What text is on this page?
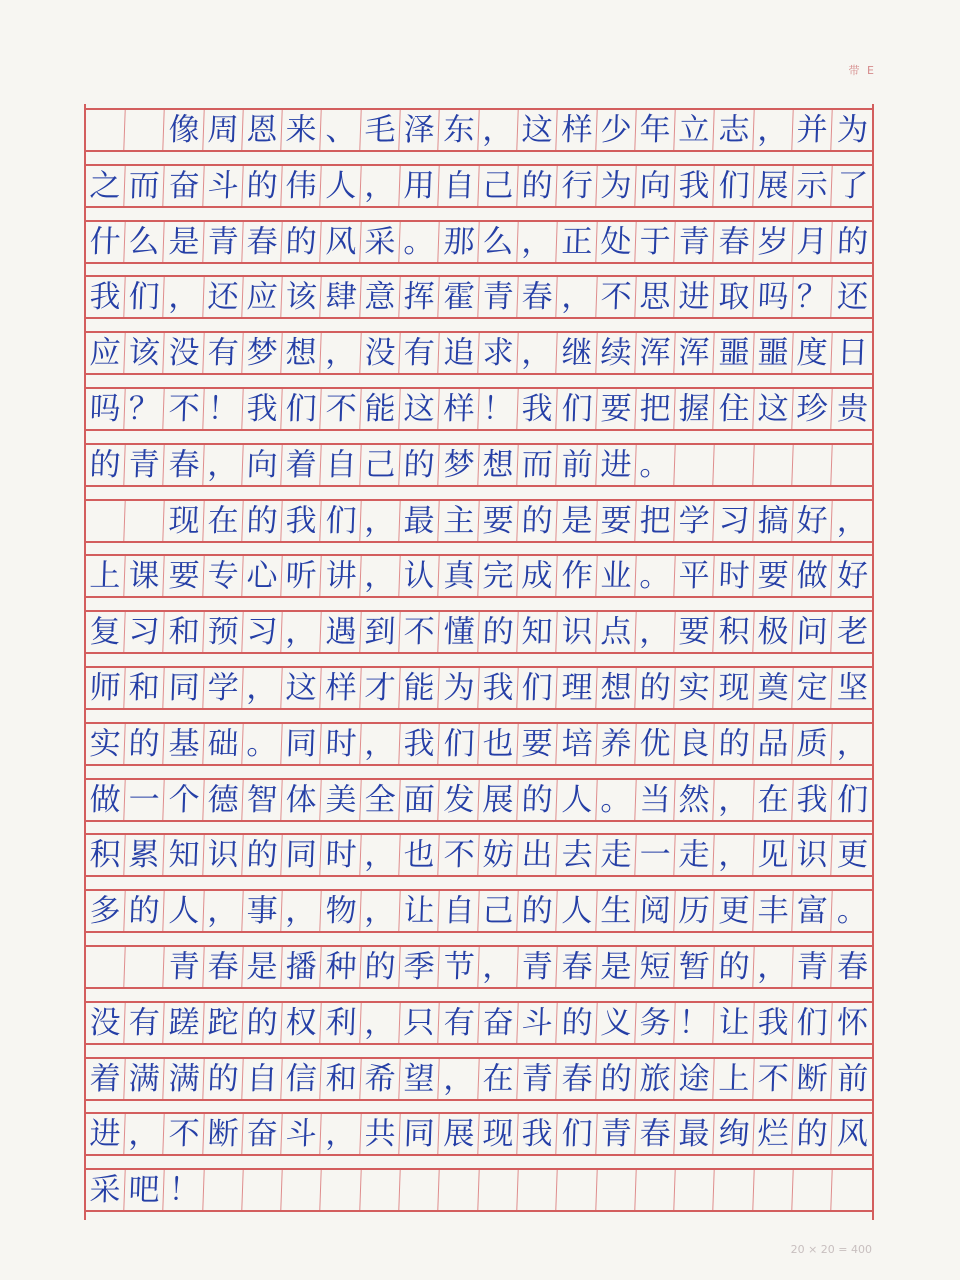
带 E
像 周 恩 来 、 毛 泽 东 ， 这 样 少 年 立 志 ， 并 为
之 而 奋 斗 的 伟 人 ， 用 自 己 的 行 为 向 我 们 展 示 了
什 么 是 青 春 的 风 采 。 那 么 ， 正 处 于 青 春 岁 月 的
我 们 ， 还 应 该 肆 意 挥 霍 青 春 ， 不 思 进 取 吗 ？ 还
应 该 没 有 梦 想 ， 没 有 追 求 ， 继 续 浑 浑 噩 噩 度 日
吗 ？ 不 ！ 我 们 不 能 这 样 ！ 我 们 要 把 握 住 这 珍 贵
的 青 春 ， 向 着 自 己 的 梦 想 而 前 进 。
现 在 的 我 们 ， 最 主 要 的 是 要 把 学 习 搞 好 ，
上 课 要 专 心 听 讲 ， 认 真 完 成 作 业 。 平 时 要 做 好
复 习 和 预 习 ， 遇 到 不 懂 的 知 识 点 ， 要 积 极 问 老
师 和 同 学 ， 这 样 才 能 为 我 们 理 想 的 实 现 奠 定 坚
实 的 基 础 。 同 时 ， 我 们 也 要 培 养 优 良 的 品 质 ，
做 一 个 德 智 体 美 全 面 发 展 的 人 。 当 然 ， 在 我 们
积 累 知 识 的 同 时 ， 也 不 妨 出 去 走 一 走 ， 见 识 更
多 的 人 ， 事 ， 物 ， 让 自 己 的 人 生 阅 历 更 丰 富 。
青 春 是 播 种 的 季 节 ， 青 春 是 短 暂 的 ， 青 春
没 有 蹉 跎 的 权 利 ， 只 有 奋 斗 的 义 务 ！ 让 我 们 怀
着 满 满 的 自 信 和 希 望 ， 在 青 春 的 旅 途 上 不 断 前
进 ， 不 断 奋 斗 ， 共 同 展 现 我 们 青 春 最 绚 烂 的 风
采 吧 ！
20 × 20 = 400
